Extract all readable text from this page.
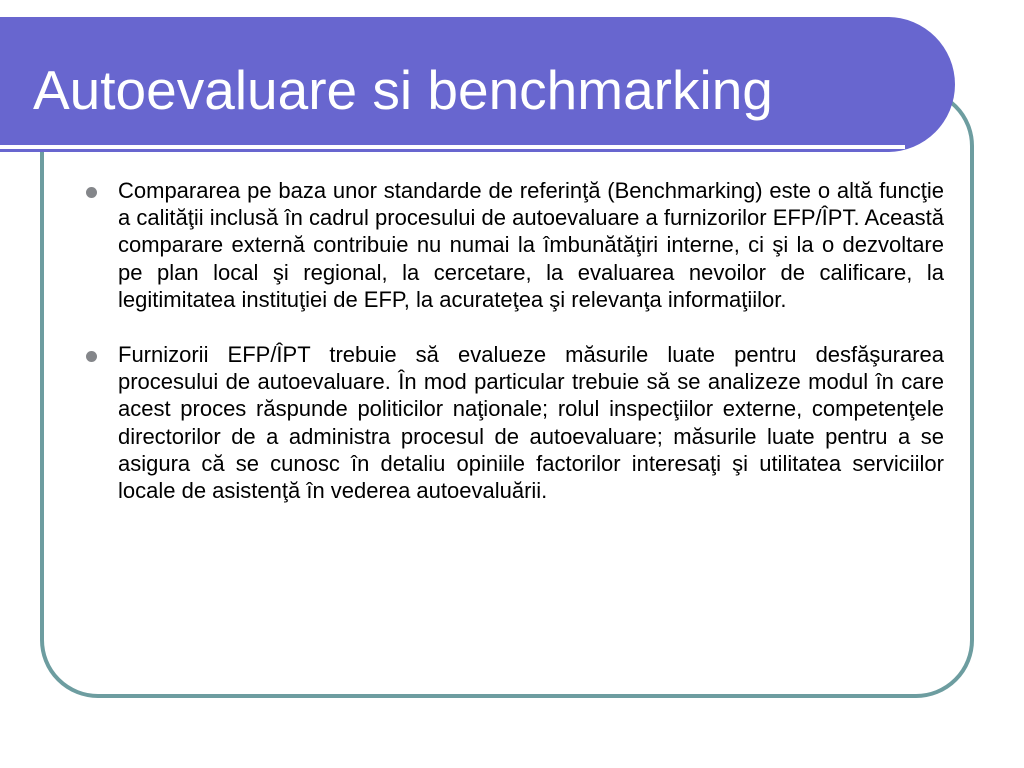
Autoevaluare si benchmarking
Compararea pe baza unor standarde de referinţă (Benchmarking) este o altă funcţie a calităţii inclusă în cadrul procesului de autoevaluare a furnizorilor EFP/ÎPT. Această comparare externă contribuie nu numai la îmbunătăţiri interne, ci şi la o dezvoltare pe plan local şi regional, la cercetare, la evaluarea nevoilor de calificare, la legitimitatea instituţiei de EFP, la acurateţea şi relevanţa informaţiilor.
Furnizorii EFP/ÎPT trebuie să evalueze măsurile luate pentru desfăşurarea procesului de autoevaluare. În mod particular trebuie să se analizeze modul în care acest proces răspunde politicilor naţionale; rolul inspecţiilor externe, competenţele directorilor de a administra procesul de autoevaluare; măsurile luate pentru a se asigura că se cunosc în detaliu opiniile factorilor interesaţi şi utilitatea serviciilor locale de asistenţă în vederea autoevaluării.
